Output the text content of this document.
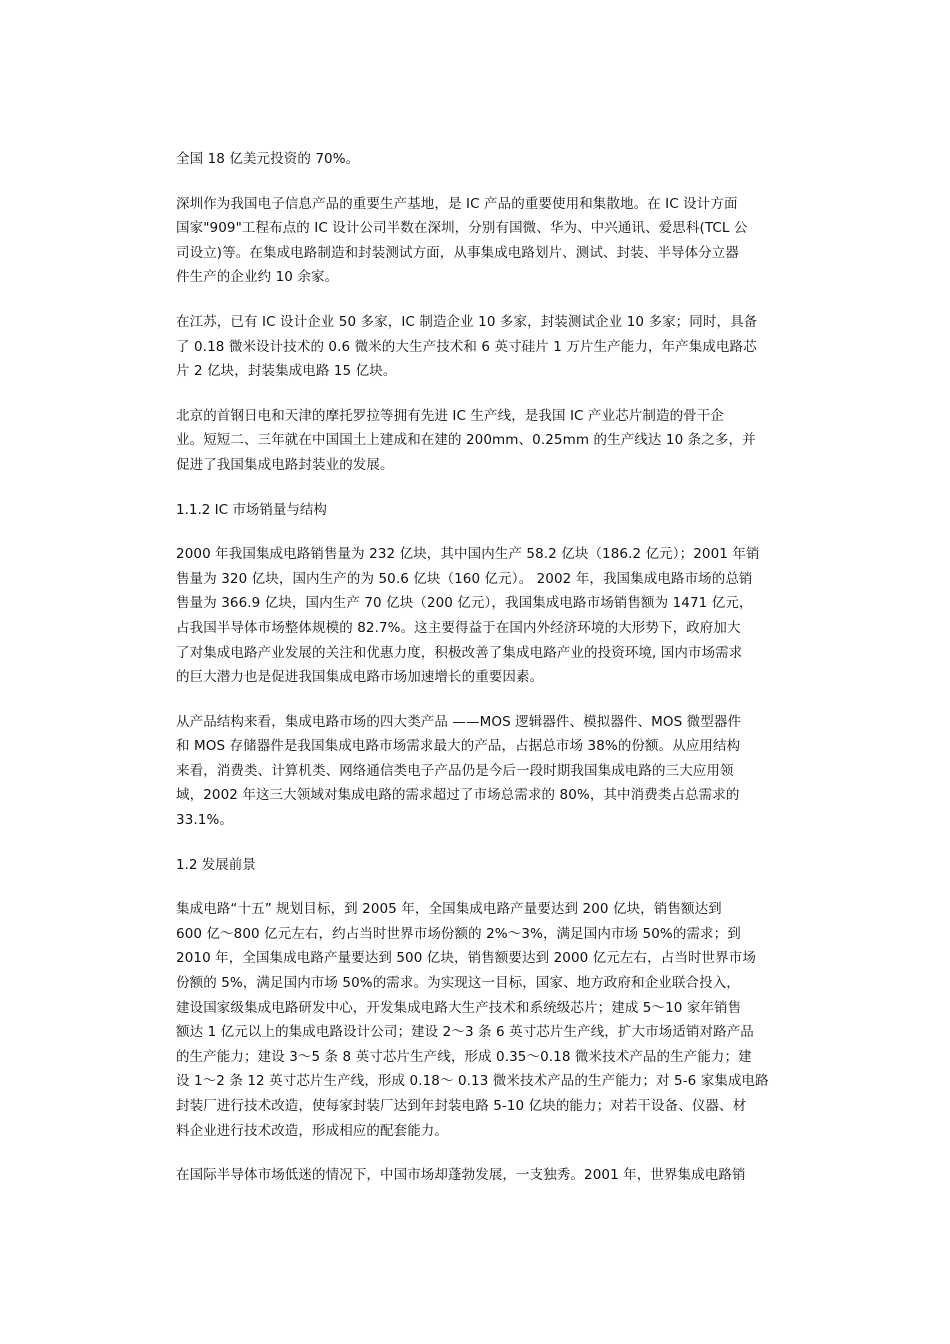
全国 18 亿美元投资的 70%。
深圳作为我国电子信息产品的重要生产基地，是 IC 产品的重要使用和集散地。在 IC 设计方面
国家"909"工程布点的 IC 设计公司半数在深圳，分别有国微、华为、中兴通讯、爱思科(TCL 公
司设立)等。在集成电路制造和封装测试方面，从事集成电路划片、测试、封装、半导体分立器
件生产的企业约 10 余家。
在江苏，已有 IC 设计企业 50 多家，IC 制造企业 10 多家，封装测试企业 10 多家；同时，具备
了 0.18 微米设计技术的 0.6 微米的大生产技术和 6 英寸硅片 1 万片生产能力，年产集成电路芯
片 2 亿块，封装集成电路 15 亿块。
北京的首钢日电和天津的摩托罗拉等拥有先进 IC 生产线，是我国 IC 产业芯片制造的骨干企
业。短短二、三年就在中国国土上建成和在建的 200mm、0.25mm 的生产线达 10 条之多，并
促进了我国集成电路封装业的发展。
1.1.2 IC 市场销量与结构
2000 年我国集成电路销售量为 232 亿块，其中国内生产 58.2 亿块（186.2 亿元）；2001 年销
售量为 320 亿块，国内生产的为 50.6 亿块（160 亿元）。 2002 年，我国集成电路市场的总销
售量为 366.9 亿块，国内生产 70 亿块（200 亿元），我国集成电路市场销售额为 1471 亿元，
占我国半导体市场整体规模的 82.7%。这主要得益于在国内外经济环境的大形势下，政府加大
了对集成电路产业发展的关注和优惠力度，积极改善了集成电路产业的投资环境, 国内市场需求
的巨大潜力也是促进我国集成电路市场加速增长的重要因素。
从产品结构来看，集成电路市场的四大类产品 ——MOS 逻辑器件、模拟器件、MOS 微型器件
和 MOS 存储器件是我国集成电路市场需求最大的产品，占据总市场 38%的份额。从应用结构
来看，消费类、计算机类、网络通信类电子产品仍是今后一段时期我国集成电路的三大应用领
域，2002 年这三大领域对集成电路的需求超过了市场总需求的 80%，其中消费类占总需求的
33.1%。
1.2 发展前景
集成电路“十五” 规划目标，到 2005 年，全国集成电路产量要达到 200 亿块，销售额达到
600 亿～800 亿元左右，约占当时世界市场份额的 2%～3%，满足国内市场 50%的需求；到
2010 年，全国集成电路产量要达到 500 亿块，销售额要达到 2000 亿元左右，占当时世界市场
份额的 5%，满足国内市场 50%的需求。为实现这一目标，国家、地方政府和企业联合投入，
建设国家级集成电路研发中心，开发集成电路大生产技术和系统级芯片；建成 5～10 家年销售
额达 1 亿元以上的集成电路设计公司；建设 2～3 条 6 英寸芯片生产线，扩大市场适销对路产品
的生产能力；建设 3～5 条 8 英寸芯片生产线，形成 0.35～0.18 微米技术产品的生产能力；建
设 1～2 条 12 英寸芯片生产线，形成 0.18～ 0.13 微米技术产品的生产能力；对 5-6 家集成电路
封装厂进行技术改造，使每家封装厂达到年封装电路 5-10 亿块的能力；对若干设备、仪器、材
料企业进行技术改造，形成相应的配套能力。
在国际半导体市场低迷的情况下，中国市场却蓬勃发展，一支独秀。2001 年，世界集成电路销
